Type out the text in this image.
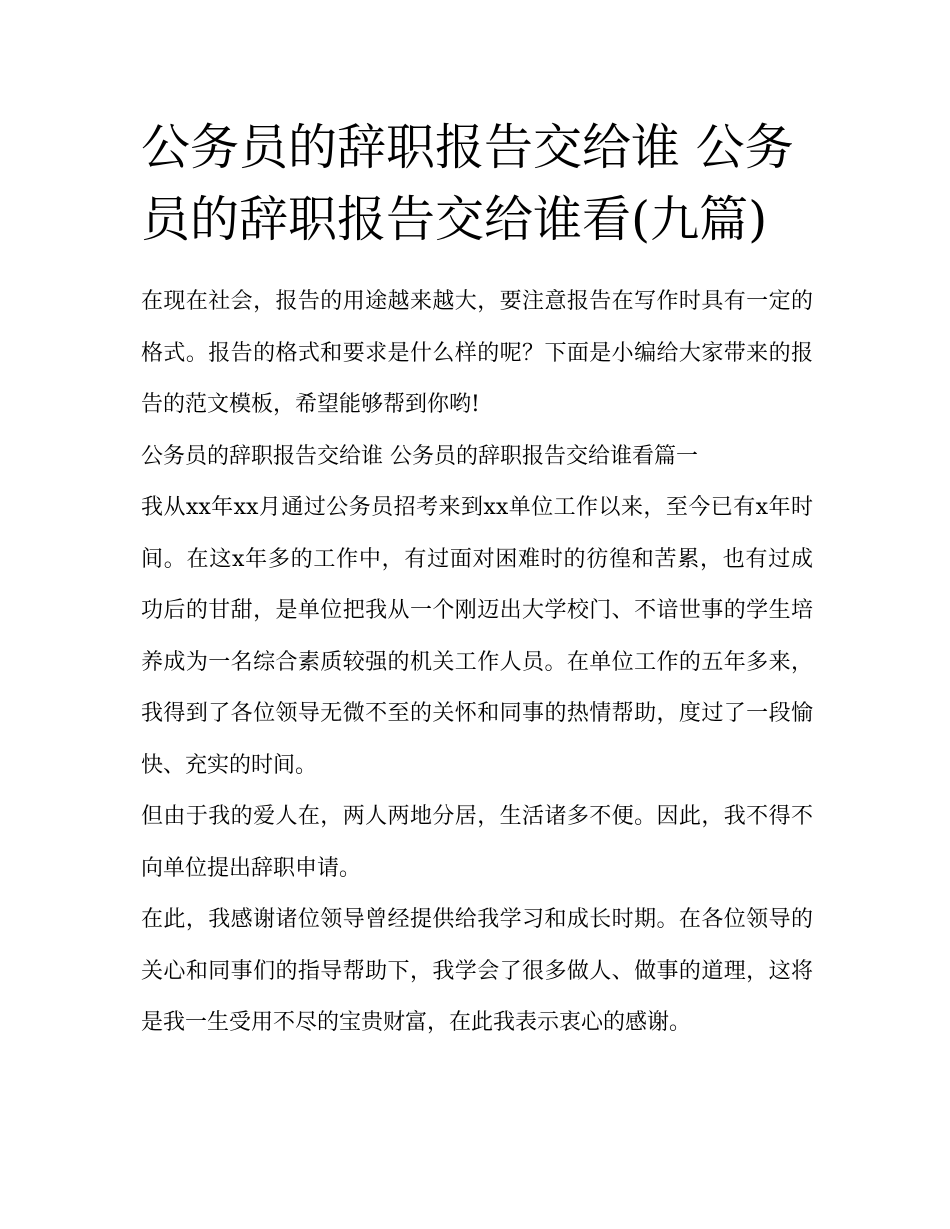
公务员的辞职报告交给谁 公务员的辞职报告交给谁看(九篇)

在现在社会，报告的用途越来越大，要注意报告在写作时具有一定的格式。报告的格式和要求是什么样的呢？下面是小编给大家带来的报告的范文模板，希望能够帮到你哟!

公务员的辞职报告交给谁 公务员的辞职报告交给谁看篇一

我从xx年xx月通过公务员招考来到xx单位工作以来，至今已有x年时间。在这x年多的工作中，有过面对困难时的彷徨和苦累，也有过成功后的甘甜，是单位把我从一个刚迈出大学校门、不谙世事的学生培养成为一名综合素质较强的机关工作人员。在单位工作的五年多来，我得到了各位领导无微不至的关怀和同事的热情帮助，度过了一段愉快、充实的时间。

但由于我的爱人在，两人两地分居，生活诸多不便。因此，我不得不向单位提出辞职申请。

在此，我感谢诸位领导曾经提供给我学习和成长时期。在各位领导的关心和同事们的指导帮助下，我学会了很多做人、做事的道理，这将是我一生受用不尽的宝贵财富，在此我表示衷心的感谢。
